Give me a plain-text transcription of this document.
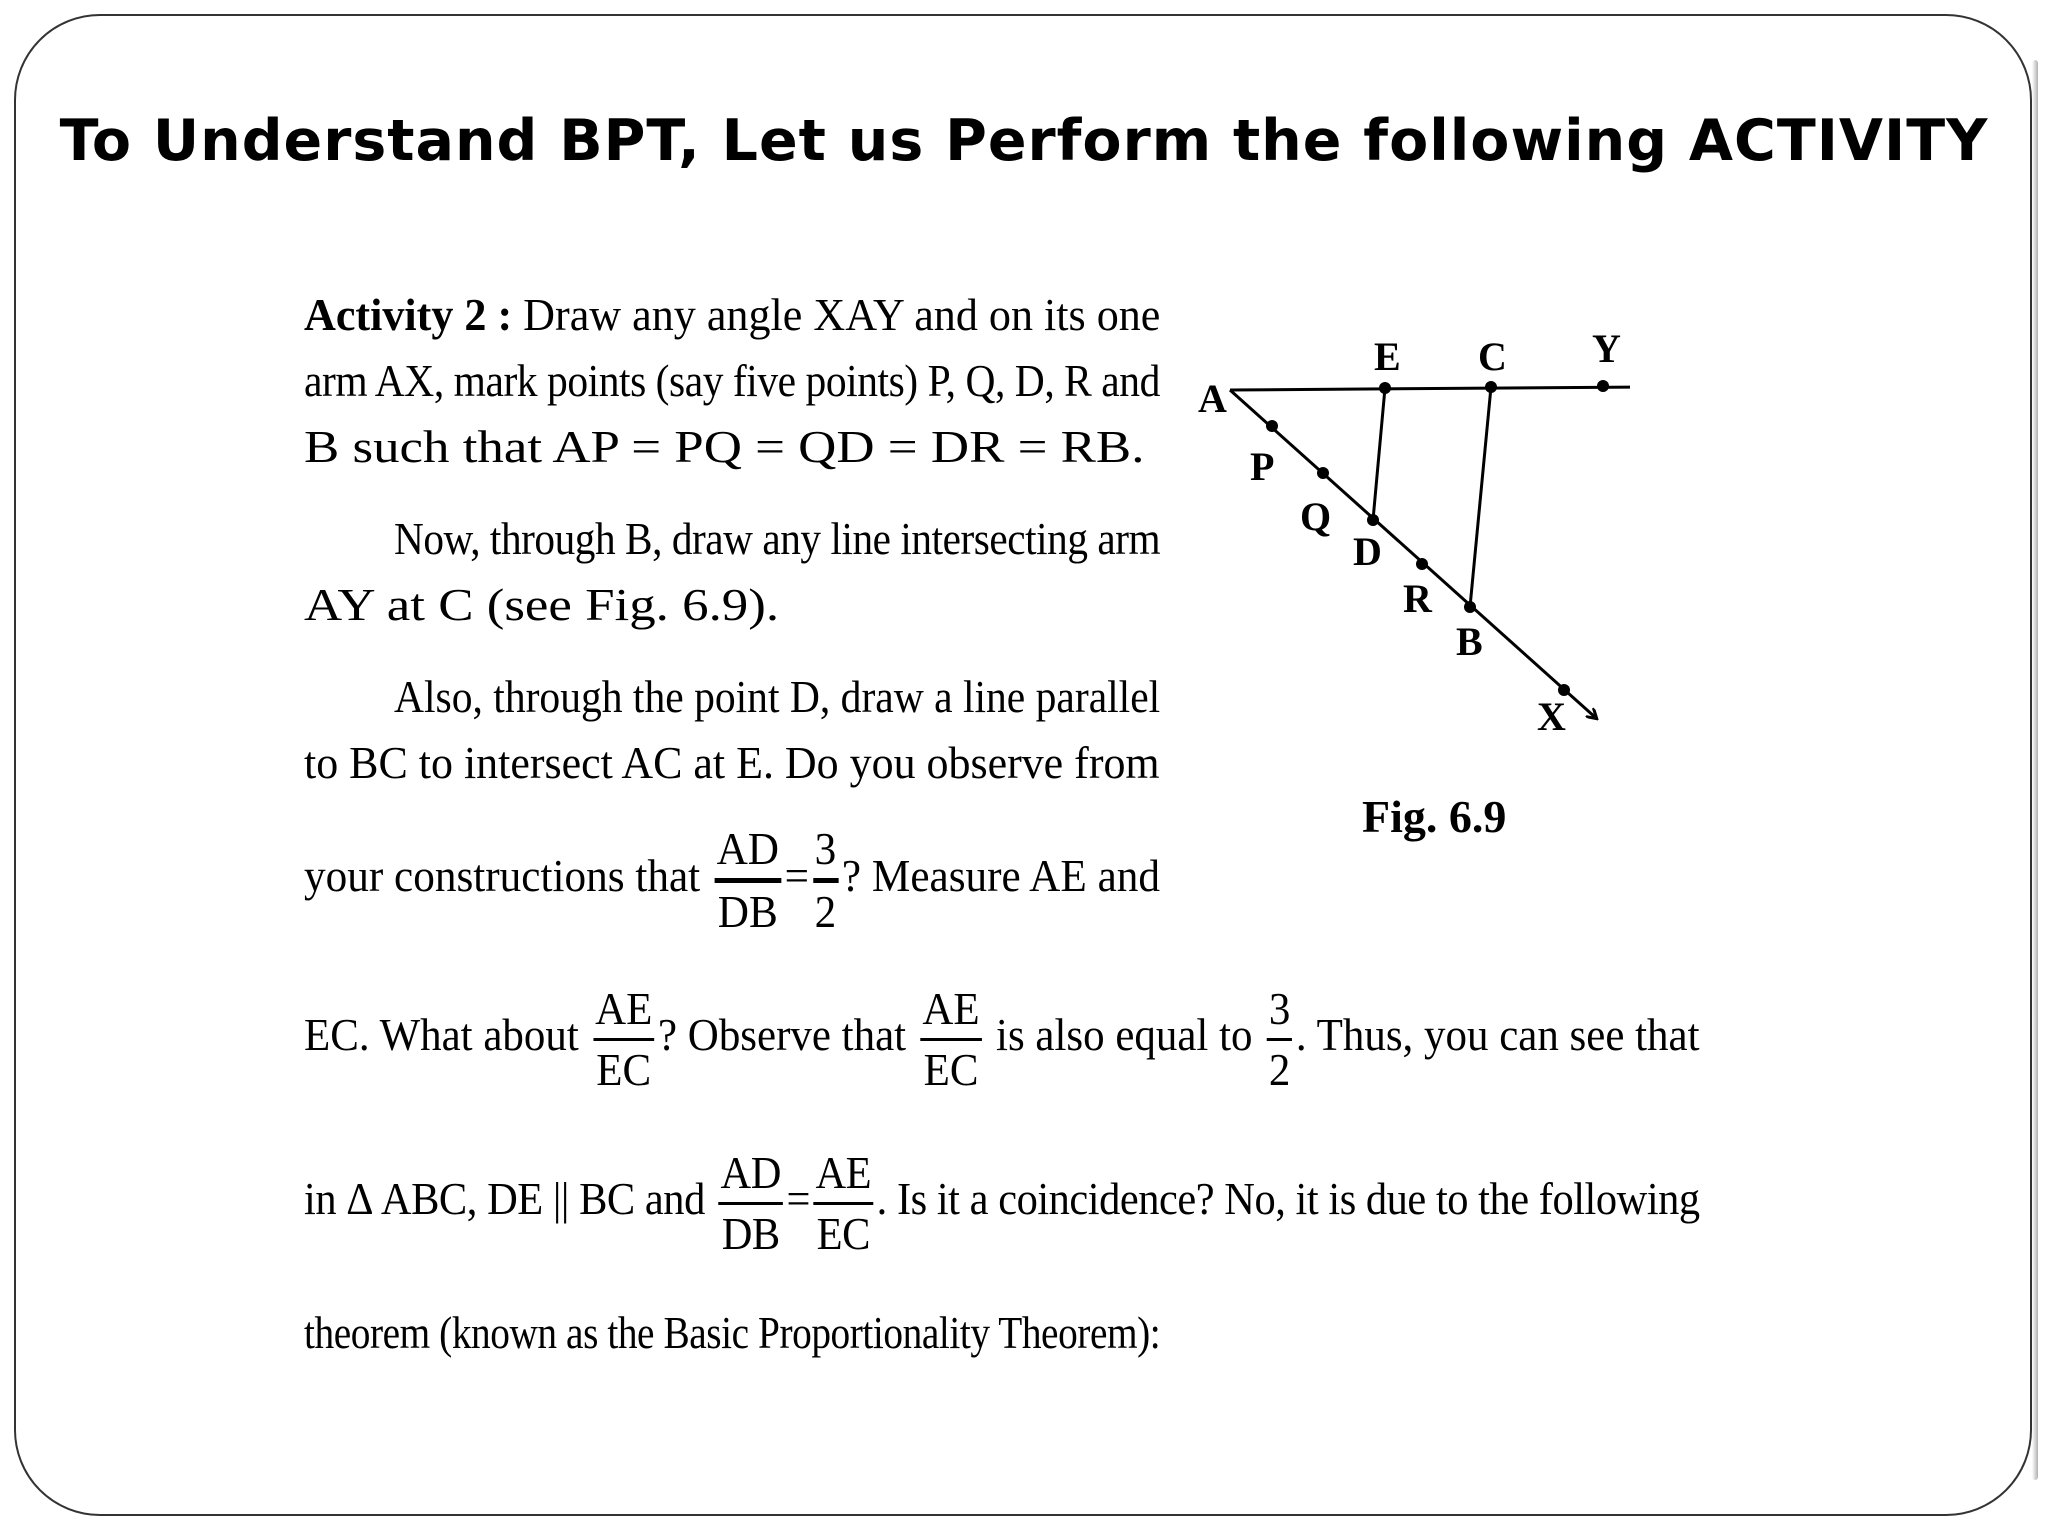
To Understand BPT, Let us Perform the following ACTIVITY
Activity 2 : Draw any angle XAY and on its one
arm AX, mark points (say five points) P, Q, D, R and
B such that AP = PQ = QD = DR = RB.
Now, through B, draw any line intersecting arm
AY at C (see Fig. 6.9).
Also, through the point D, draw a line parallel
to BC to intersect AC at E. Do you observe from
your constructions that
AD
DB
=
3
2
? Measure AE and
EC. What about $\frac{AE}{EC}$ ? Observe that $\frac{AE}{EC}$ is also equal to $\frac{3}{2}$ . Thus, you can see that
in Δ ABC, DE || BC and $\frac{AD}{DB} = \frac{AE}{EC}$ . Is it a coincidence? No, it is due to the following
theorem (known as the Basic Proportionality Theorem):
A
P
Q
D
R
B
X
E C Y
Fig. 6.9
